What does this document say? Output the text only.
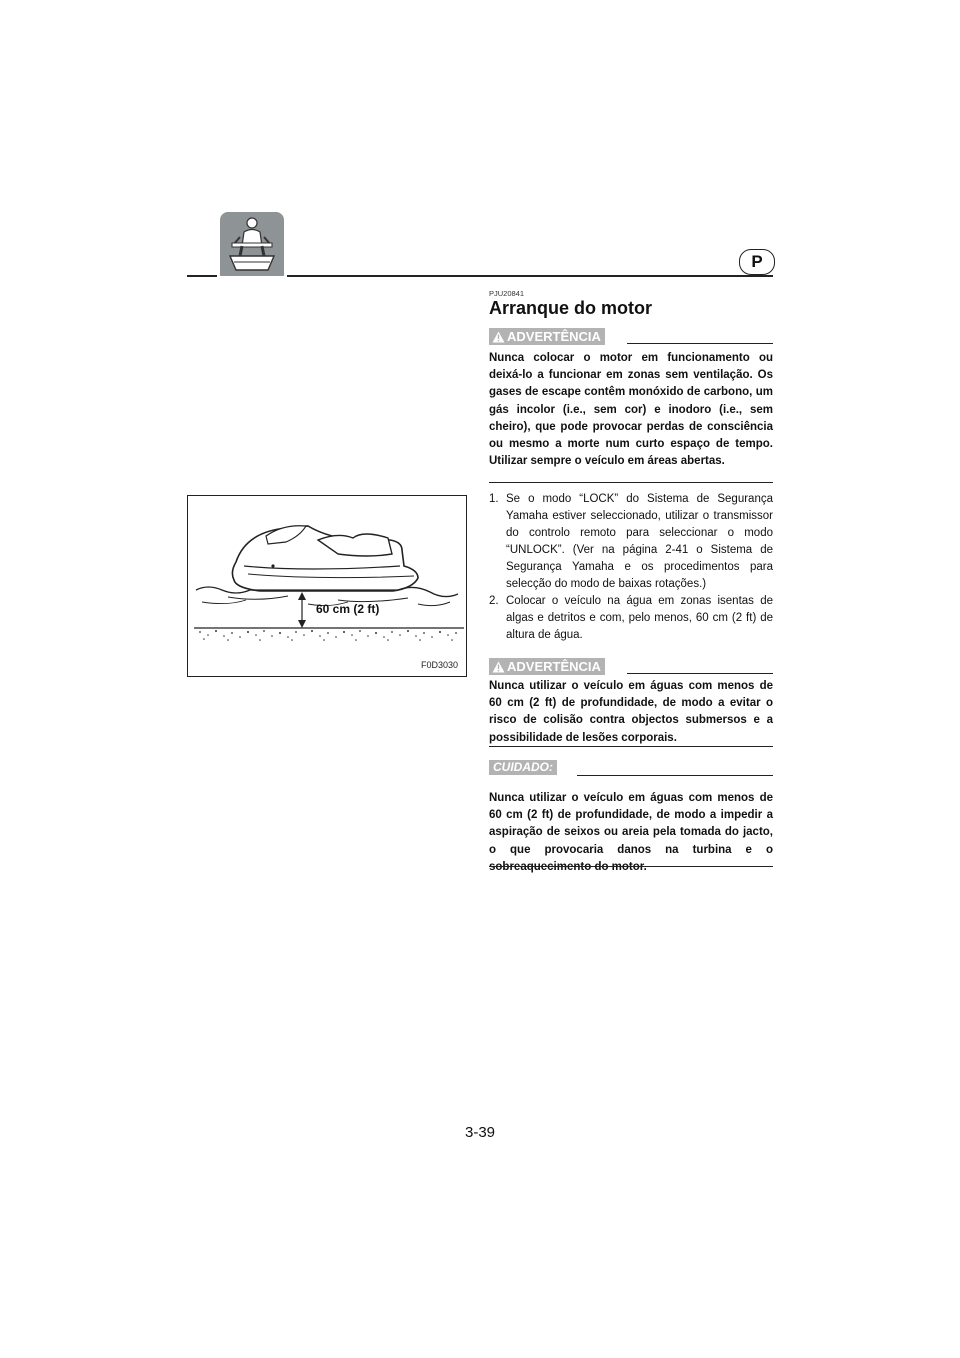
P
60 cm (2 ft)
F0D3030
PJU20841
Arranque do motor
ADVERTÊNCIA

Nunca colocar o motor em funcionamento ou deixá-lo a funcionar em zonas sem ventilação. Os gases de escape contêm monóxido de carbono, um gás incolor (i.e., sem cor) e inodoro (i.e., sem cheiro), que pode provocar perdas de consciência ou mesmo a morte num curto espaço de tempo. Utilizar sempre o veículo em áreas abertas.

1. Se o modo “LOCK” do Sistema de Segurança Yamaha estiver seleccionado, utilizar o transmissor do controlo remoto para seleccionar o modo “UNLOCK”. (Ver na página 2-41 o Sistema de Segurança Yamaha e os procedimentos para selecção do modo de baixas rotações.)
2. Colocar o veículo na água em zonas isentas de algas e detritos e com, pelo menos, 60 cm (2 ft) de altura de água.
ADVERTÊNCIA

Nunca utilizar o veículo em águas com menos de 60 cm (2 ft) de profundidade, de modo a evitar o risco de colisão contra objectos submersos e a possibilidade de lesões corporais.

CUIDADO:

Nunca utilizar o veículo em águas com menos de 60 cm (2 ft) de profundidade, de modo a impedir a aspiração de seixos ou areia pela tomada do jacto, o que provocaria danos na turbina e o

3-39
